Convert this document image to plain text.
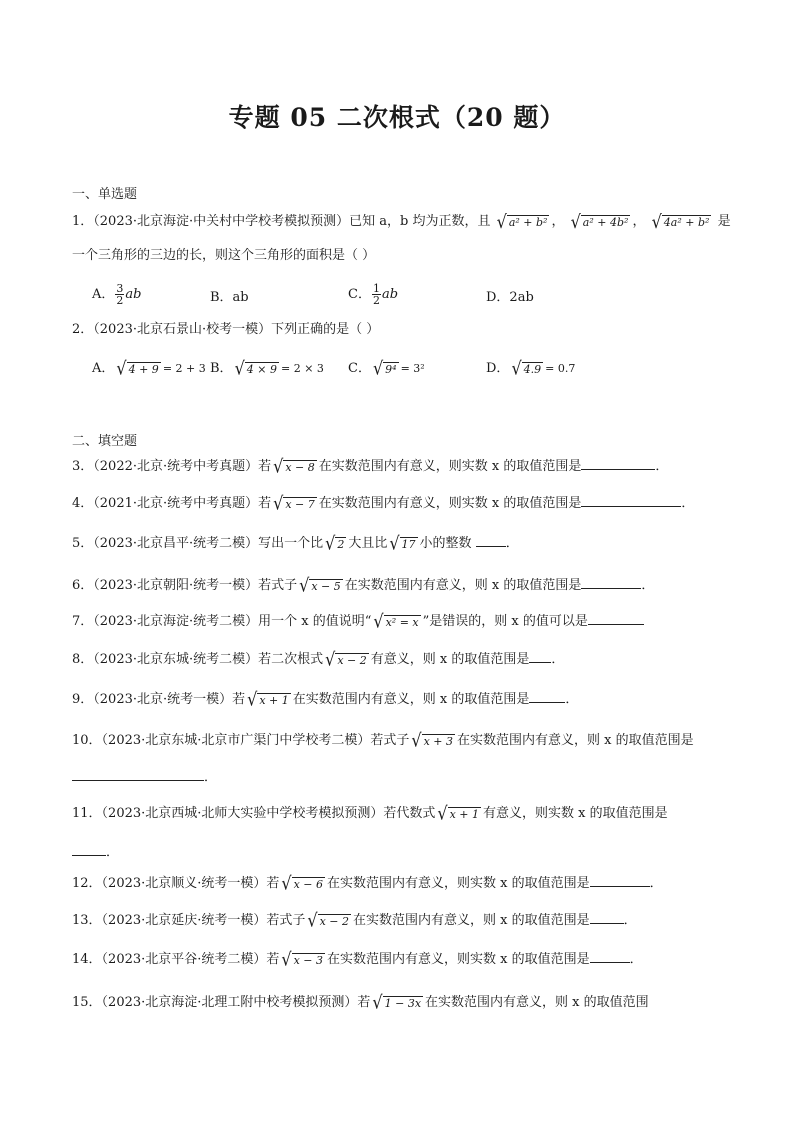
专题 05 二次根式（20 题）
一、单选题
1．（2023·北京海淀·中关村中学校考模拟预测）已知 a，b 均为正数，且 √ a² + b² ， √ a² + 4b² ， √ 4a² + b² 是
一个三角形的三边的长，则这个三角形的面积是（ ）
A． $\frac{3}{2}$ ab	B．ab	C． $\frac{1}{2}$ ab	D．2ab
2．（2023·北京石景山·校考一模）下列正确的是（ ）
A． √ 4 + 9 = 2 + 3 B． √ 4 × 9 = 2 × 3 C． √ 9⁴ = 3²	D． √ 4.9 = 0.7
二、填空题
3．（2022·北京·统考中考真题）若 √ x − 8 在实数范围内有意义，则实数 x 的取值范围是	．
4．（2021·北京·统考中考真题）若 √ x − 7 在实数范围内有意义，则实数 x 的取值范围是	．
5．（2023·北京昌平·统考二模）写出一个比 √ 2 大且比 √ 17 小的整数	．
6．（2023·北京朝阳·统考一模）若式子 √ x − 5 在实数范围内有意义，则 x 的取值范围是	．
7．（2023·北京海淀·统考二模）用一个 x 的值说明“ √ x² = x ”是错误的，则 x 的值可以是
8．（2023·北京东城·统考二模）若二次根式 √ x − 2 有意义，则 x 的取值范围是 ．
9．（2023·北京·统考一模）若 √ x + 1 在实数范围内有意义，则 x 的取值范围是	．
10．（2023·北京东城·北京市广渠门中学校考二模）若式子 √ x + 3 在实数范围内有意义，则 x 的取值范围是
．
11．（2023·北京西城·北师大实验中学校考模拟预测）若代数式 √ x + 1 有意义，则实数 x 的取值范围是
．
12．（2023·北京顺义·统考一模）若 √ x − 6 在实数范围内有意义，则实数 x 的取值范围是	．
13．（2023·北京延庆·统考一模）若式子 √ x − 2 在实数范围内有意义，则 x 的取值范围是	．
14．（2023·北京平谷·统考二模）若 √ x − 3 在实数范围内有意义，则实数 x 的取值范围是	．
15．（2023·北京海淀·北理工附中校考模拟预测）若 √ 1 − 3x 在实数范围内有意义，则 x 的取值范围
